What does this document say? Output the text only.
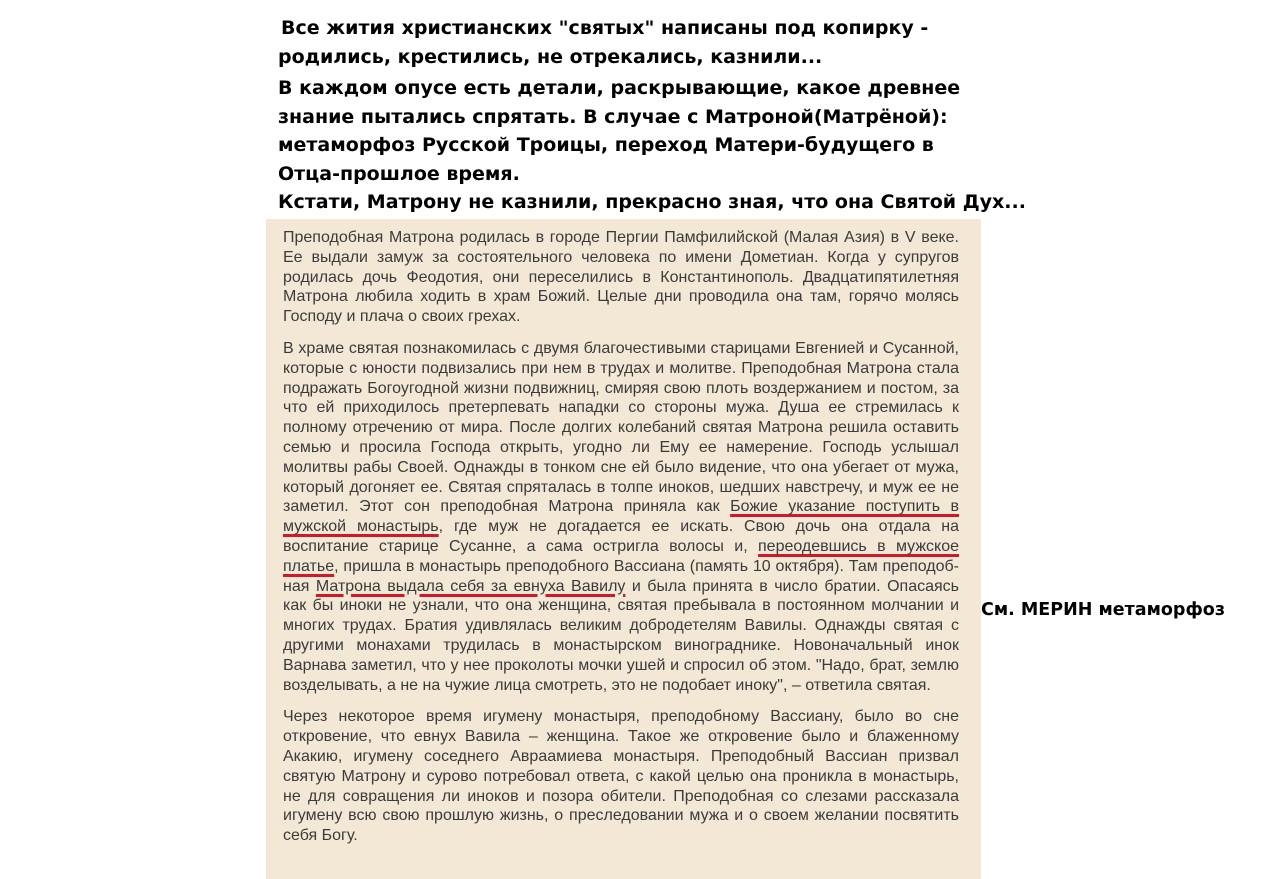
Все жития христианских "святых" написаны под копирку -
родились, крестились, не отрекались, казнили...
В каждом опусе есть детали, раскрывающие, какое древнее
знание пытались спрятать. В случае с Матроной(Матрёной):
метаморфоз Русской Троицы, переход Матери-будущего в
Отца-прошлое время.
Кстати, Матрону не казнили, прекрасно зная, что она Святой Дух...

Преподобная Матрона родилась в городе Пергии Памфилийской (Малая Азия) в V веке. Ее выдали замуж за состоятельного человека по имени Дометиан. Когда у супругов родилась дочь Феодотия, они переселились в Константинополь. Двадцатипятилетняя Матрона любила ходить в храм Божий. Целые дни проводила она там, горячо молясь Господу и плача о своих грехах.

В храме святая познакомилась с двумя благочестивыми старицами Евгенией и Сусанной, которые с юности подвизались при нем в трудах и молитве. Преподобная Матрона стала подражать Богоугодной жизни подвижниц, смиряя свою плоть воздержанием и постом, за что ей приходилось претерпевать нападки со стороны мужа. Душа ее стремилась к полному отречению от мира. После долгих колебаний святая Матрона решила оставить семью и просила Господа открыть, угодно ли Ему ее намерение. Господь услышал молитвы рабы Своей. Однажды в тонком сне ей было видение, что она убегает от мужа, который догоняет ее. Святая спряталась в толпе иноков, шедших навстречу, и муж ее не заметил. Этот сон преподобная Матрона приняла как Божие указание поступить в мужской монастырь, где муж не догадается ее искать. Свою дочь она отдала на воспитание старице Сусанне, а сама остригла волосы и, переодевшись в мужское платье, пришла в монастырь преподобного Вассиана (память 10 октября). Там преподобная Матрона выдала себя за евнуха Вавилу и была принята в число братии. Опасаясь как бы иноки не узнали, что она женщина, святая пребывала в постоянном молчании и многих трудах. Братия удивлялась великим добродетелям Вавилы. Однажды святая с другими монахами трудилась в монастырском винограднике. Новоначальный инок Варнава заметил, что у нее проколоты мочки ушей и спросил об этом. "Надо, брат, землю возделывать, а не на чужие лица смотреть, это не подобает иноку", – ответила святая.

Через некоторое время игумену монастыря, преподобному Вассиану, было во сне откровение, что евнух Вавила – женщина. Такое же откровение было и блаженному Акакию, игумену соседнего Авраамиева монастыря. Преподобный Вассиан призвал святую Матрону и сурово потребовал ответа, с какой целью она проникла в монастырь, не для совращения ли иноков и позора обители. Преподобная со слезами рассказала игумену всю свою прошлую жизнь, о преследовании мужа и о своем желании посвятить себя Богу.

См. МЕРИН метаморфоз
